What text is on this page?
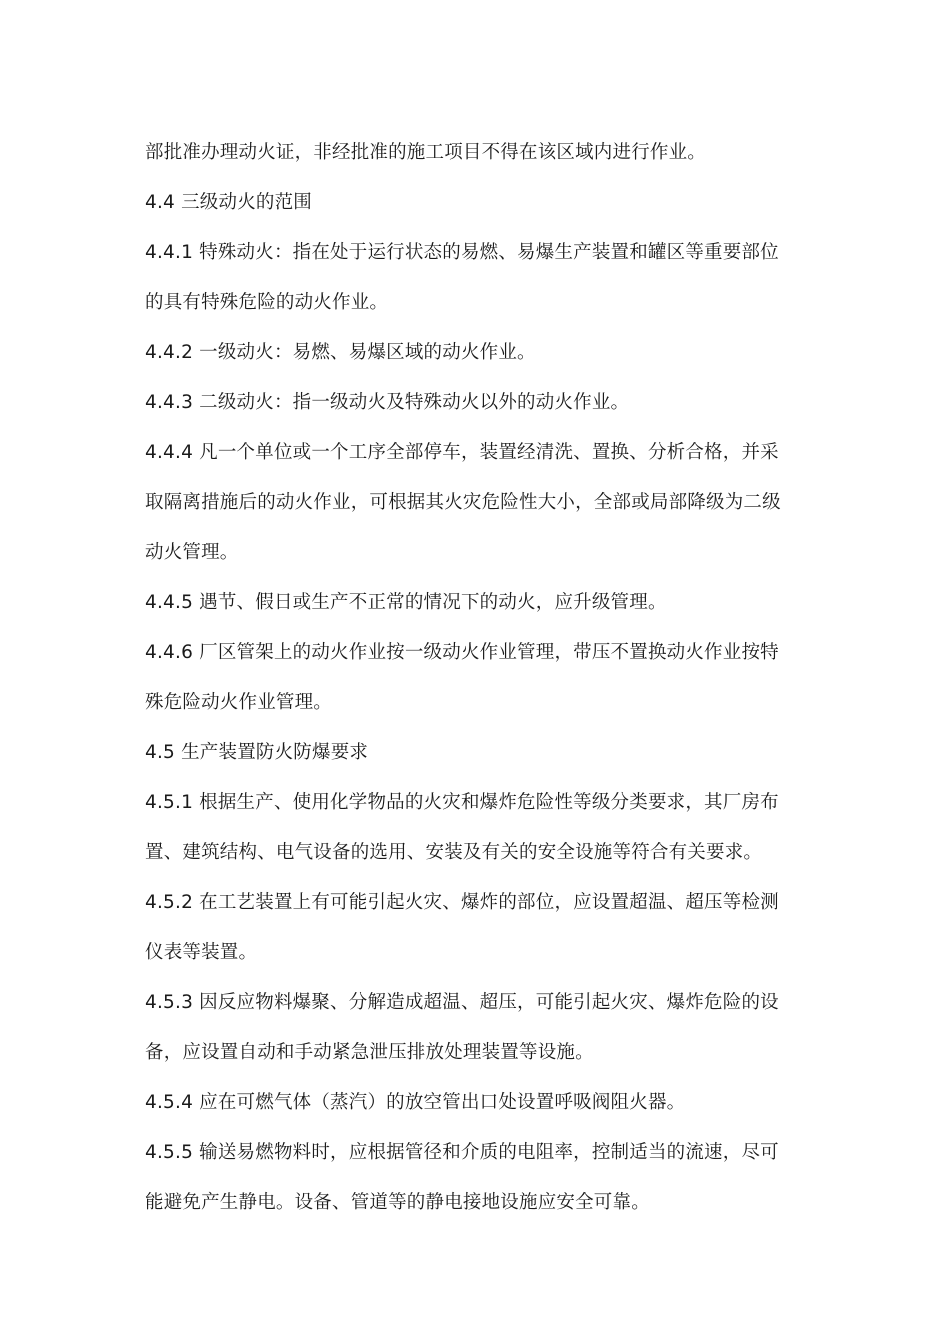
部批准办理动火证，非经批准的施工项目不得在该区域内进行作业。
4.4 三级动火的范围
4.4.1 特殊动火：指在处于运行状态的易燃、易爆生产装置和罐区等重要部位
的具有特殊危险的动火作业。
4.4.2 一级动火：易燃、易爆区域的动火作业。
4.4.3 二级动火：指一级动火及特殊动火以外的动火作业。
4.4.4 凡一个单位或一个工序全部停车，装置经清洗、置换、分析合格，并采
取隔离措施后的动火作业，可根据其火灾危险性大小，全部或局部降级为二级
动火管理。
4.4.5 遇节、假日或生产不正常的情况下的动火，应升级管理。
4.4.6 厂区管架上的动火作业按一级动火作业管理，带压不置换动火作业按特
殊危险动火作业管理。
4.5 生产装置防火防爆要求
4.5.1 根据生产、使用化学物品的火灾和爆炸危险性等级分类要求，其厂房布
置、建筑结构、电气设备的选用、安装及有关的安全设施等符合有关要求。
4.5.2 在工艺装置上有可能引起火灾、爆炸的部位，应设置超温、超压等检测
仪表等装置。
4.5.3 因反应物料爆聚、分解造成超温、超压，可能引起火灾、爆炸危险的设
备，应设置自动和手动紧急泄压排放处理装置等设施。
4.5.4 应在可燃气体（蒸汽）的放空管出口处设置呼吸阀阻火器。
4.5.5 输送易燃物料时，应根据管径和介质的电阻率，控制适当的流速，尽可
能避免产生静电。设备、管道等的静电接地设施应安全可靠。
